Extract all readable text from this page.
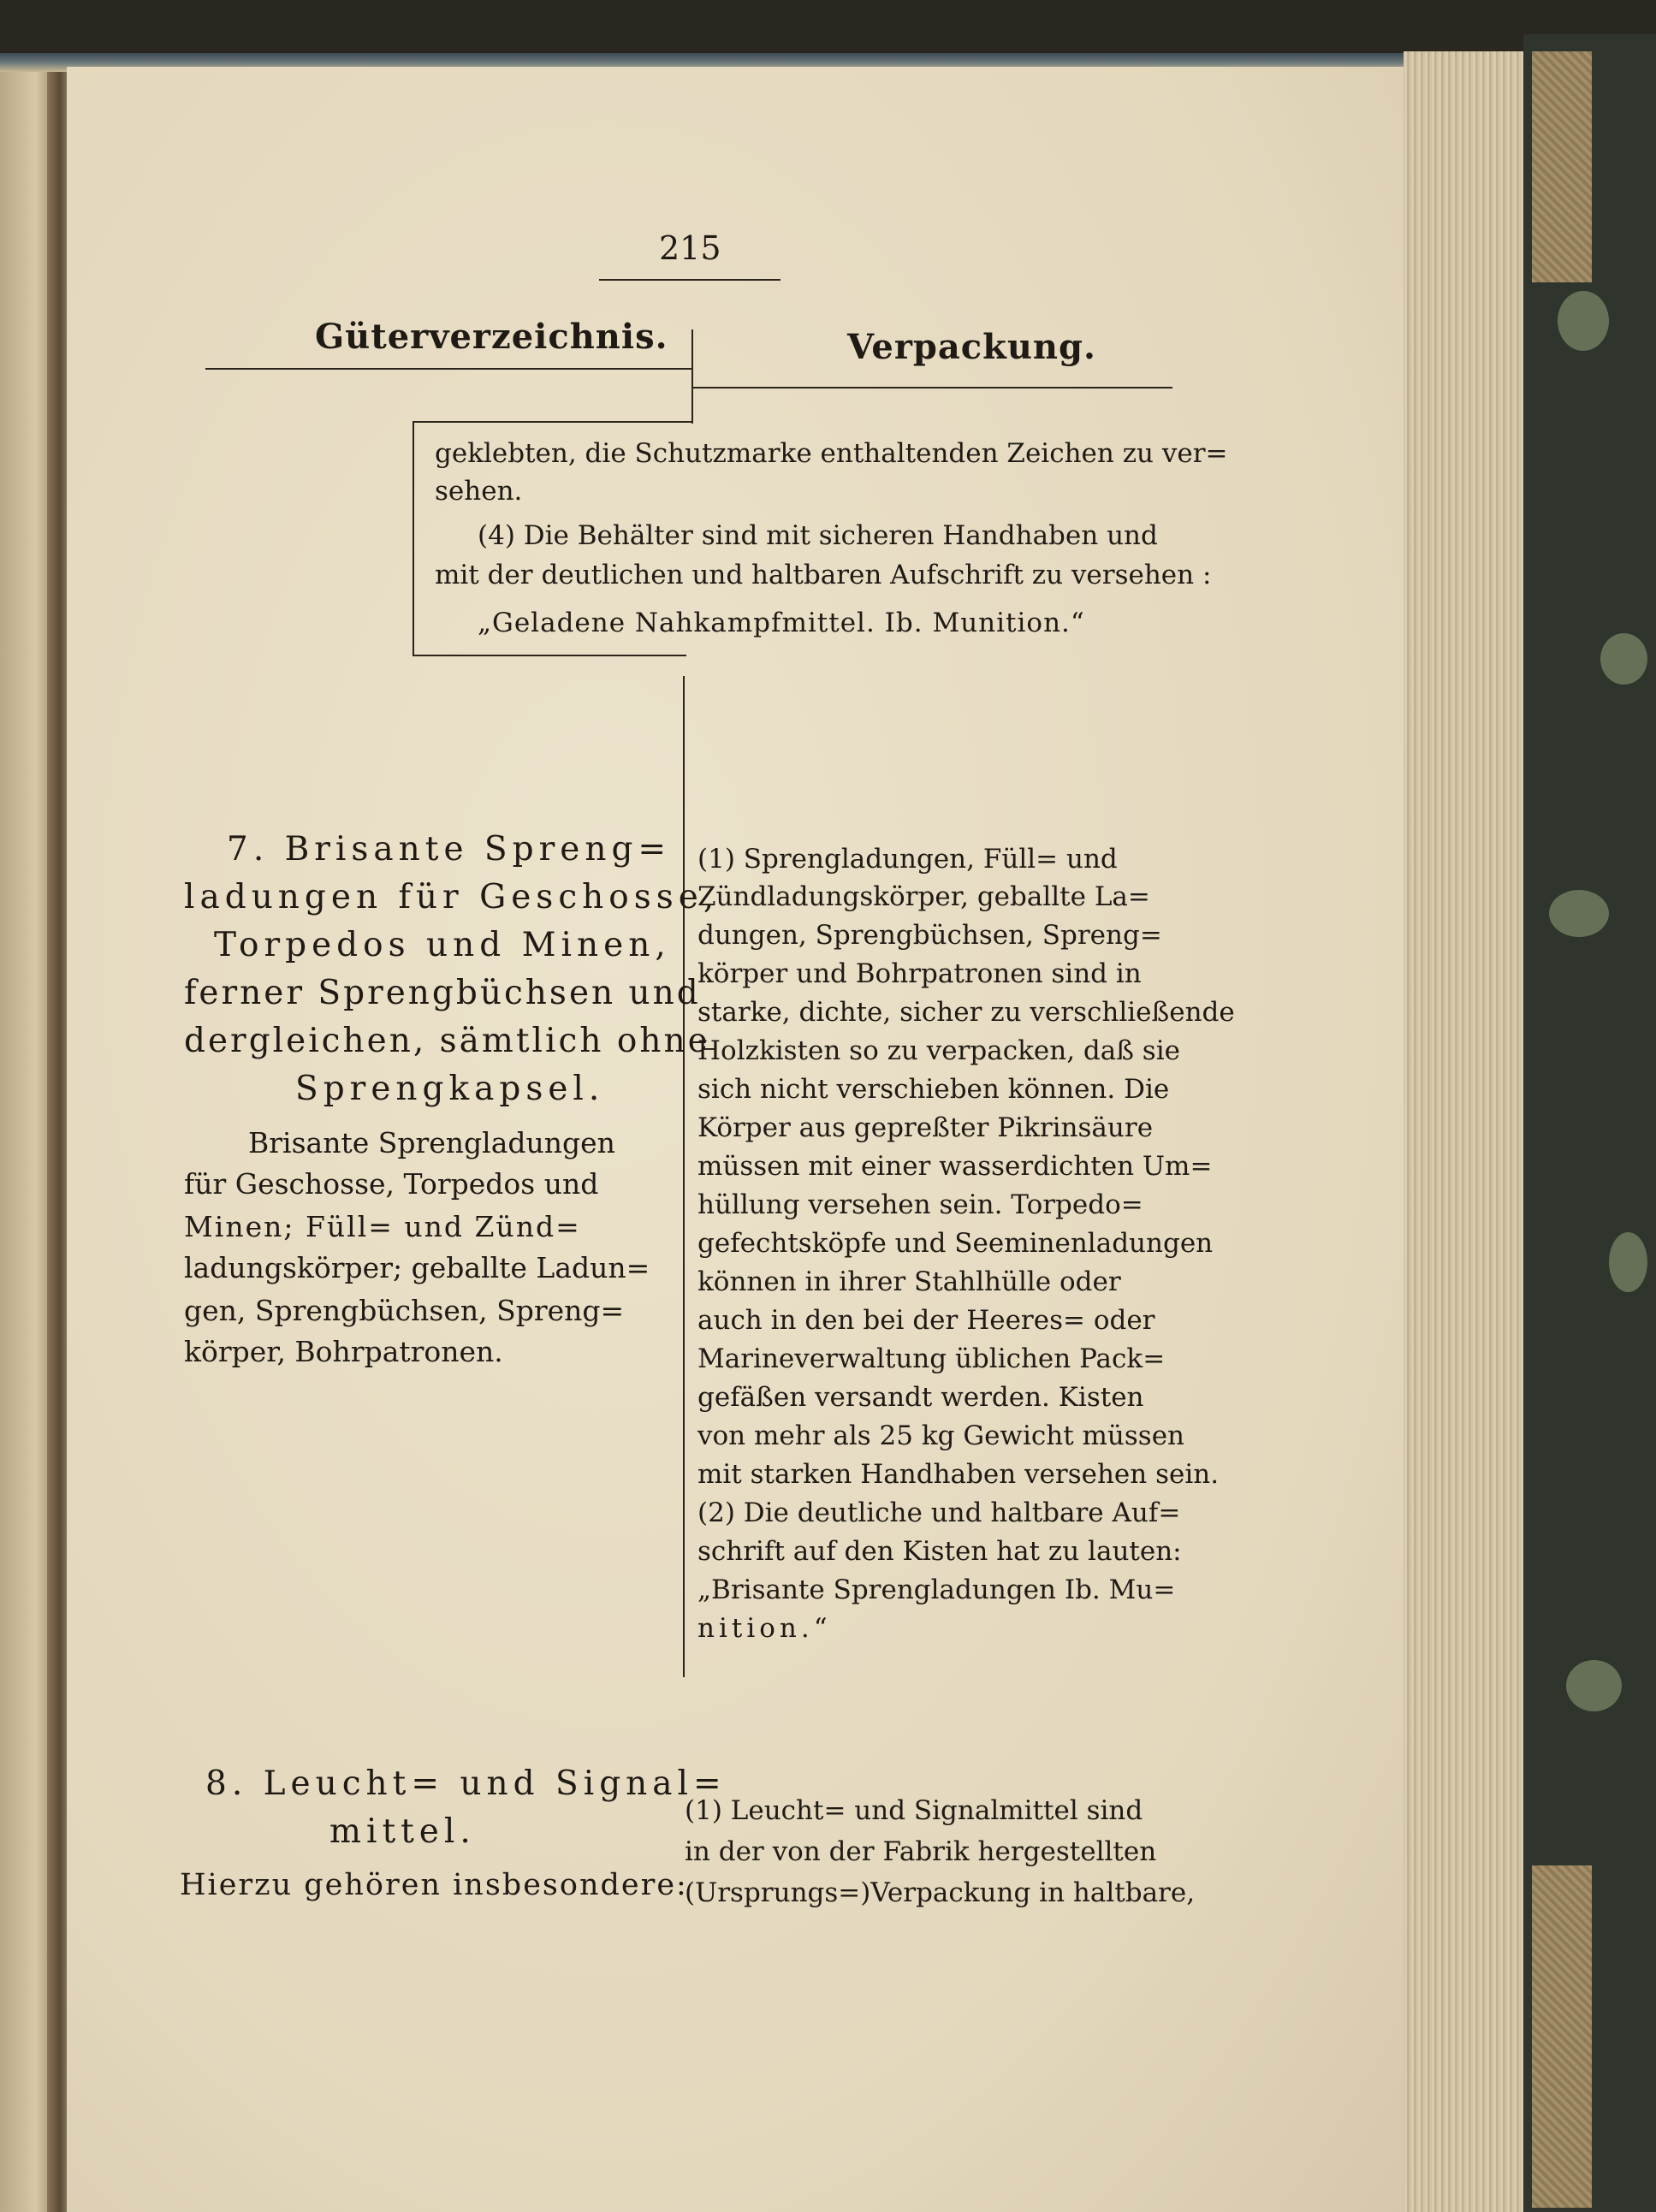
215
Güterverzeichnis.	Verpackung.
geklebten, die Schutzmarke enthaltenden Zeichen zu ver=
sehen.
(4) Die Behälter sind mit sicheren Handhaben und
mit der deutlichen und haltbaren Aufschrift zu versehen :
„Geladene Nahkampfmittel. Ib. Munition.“
7. Brisante Spreng=
ladungen für Geschosse,
Torpedos und Minen,
ferner Sprengbüchsen und
dergleichen, sämtlich ohne
Sprengkapsel.
Brisante Sprengladungen
für Geschosse, Torpedos und
Minen; Füll= und Zünd=
ladungskörper; geballte Ladun=
gen, Sprengbüchsen, Spreng=
körper, Bohrpatronen.
(1) Sprengladungen, Füll= und
Zündladungskörper, geballte La=
dungen, Sprengbüchsen, Spreng=
körper und Bohrpatronen sind in
starke, dichte, sicher zu verschließende
Holzkisten so zu verpacken, daß sie
sich nicht verschieben können. Die
Körper aus gepreßter Pikrinsäure
müssen mit einer wasserdichten Um=
hüllung versehen sein. Torpedo=
gefechtsköpfe und Seeminenladungen
können in ihrer Stahlhülle oder
auch in den bei der Heeres= oder
Marineverwaltung üblichen Pack=
gefäßen versandt werden. Kisten
von mehr als 25 kg Gewicht müssen
mit starken Handhaben versehen sein.
(2) Die deutliche und haltbare Auf=
schrift auf den Kisten hat zu lauten:
„Brisante Sprengladungen Ib. Mu=
nition.“
8. Leucht= und Signal=
mittel.
Hierzu gehören insbesondere:
(1) Leucht= und Signalmittel sind
in der von der Fabrik hergestellten
(Ursprungs=)Verpackung in haltbare,
